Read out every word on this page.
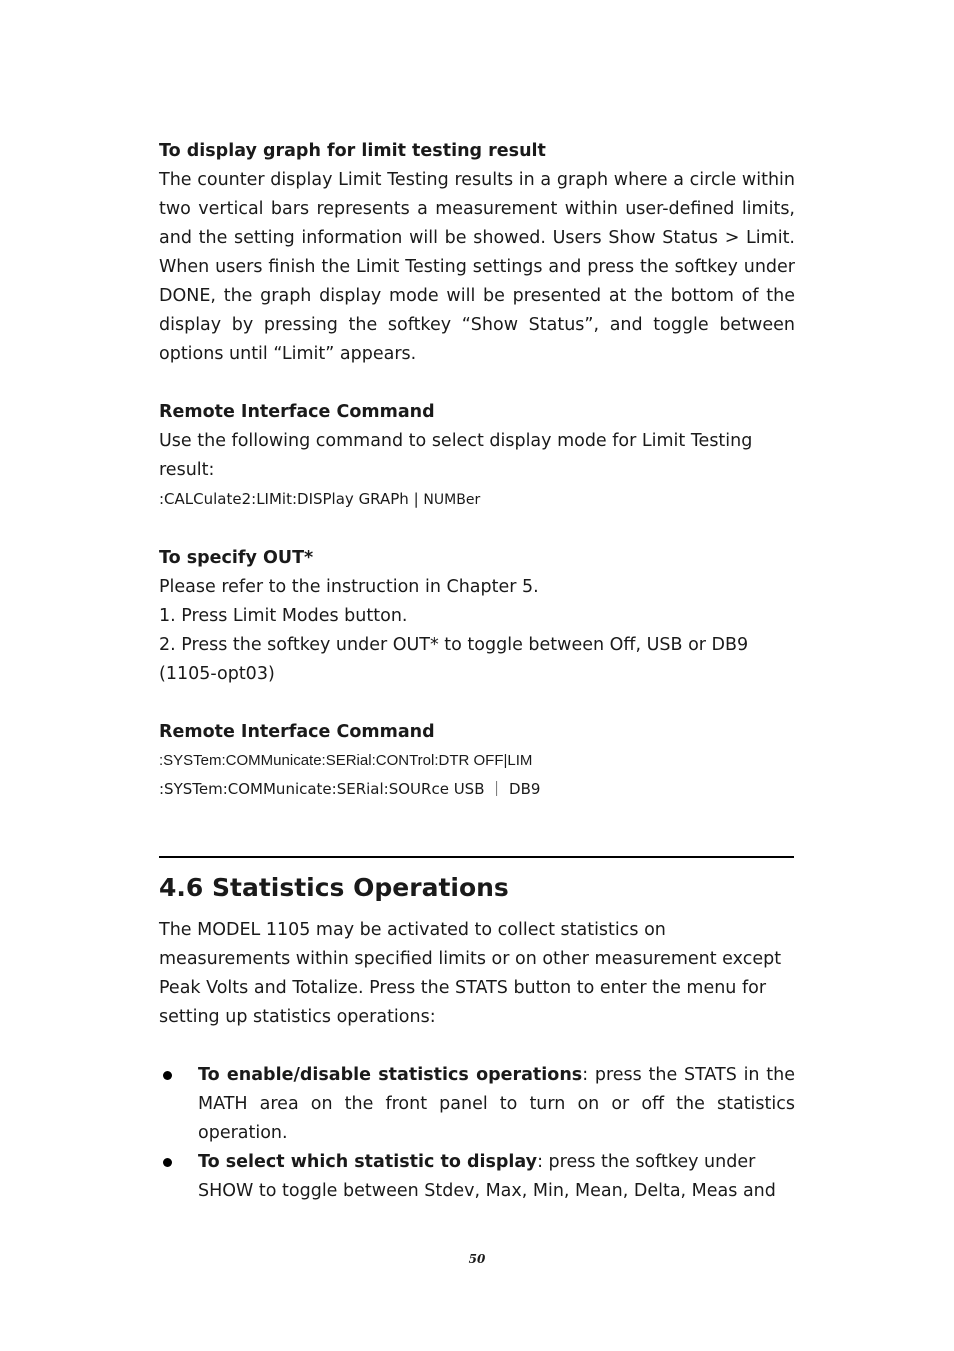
To display graph for limit testing result

The counter display Limit Testing results in a graph where a circle within two vertical bars represents a measurement within user-defined limits, and the setting information will be showed. Users Show Status > Limit. When users finish the Limit Testing settings and press the softkey under DONE, the graph display mode will be presented at the bottom of the display by pressing the softkey “Show Status”, and toggle between options until “Limit” appears.

Remote Interface Command

Use the following command to select display mode for Limit Testing result:

:CALCulate2:LIMit:DISPlay GRAPh | NUMBer

To specify OUT*

Please refer to the instruction in Chapter 5.

1. Press Limit Modes button.

2. Press the softkey under OUT* to toggle between Off, USB or DB9

(1105-opt03)

Remote Interface Command

:SYSTem:COMMunicate:SERial:CONTrol:DTR OFF|LIM

:SYSTem:COMMunicate:SERial:SOURce USB ｜ DB9

4.6 Statistics Operations

The MODEL 1105 may be activated to collect statistics on measurements within specified limits or on other measurement except Peak Volts and Totalize. Press the STATS button to enter the menu for setting up statistics operations:

To enable/disable statistics operations: press the STATS in the MATH area on the front panel to turn on or off the statistics operation.
To select which statistic to display: press the softkey under SHOW to toggle between Stdev, Max, Min, Mean, Delta, Meas and
50
